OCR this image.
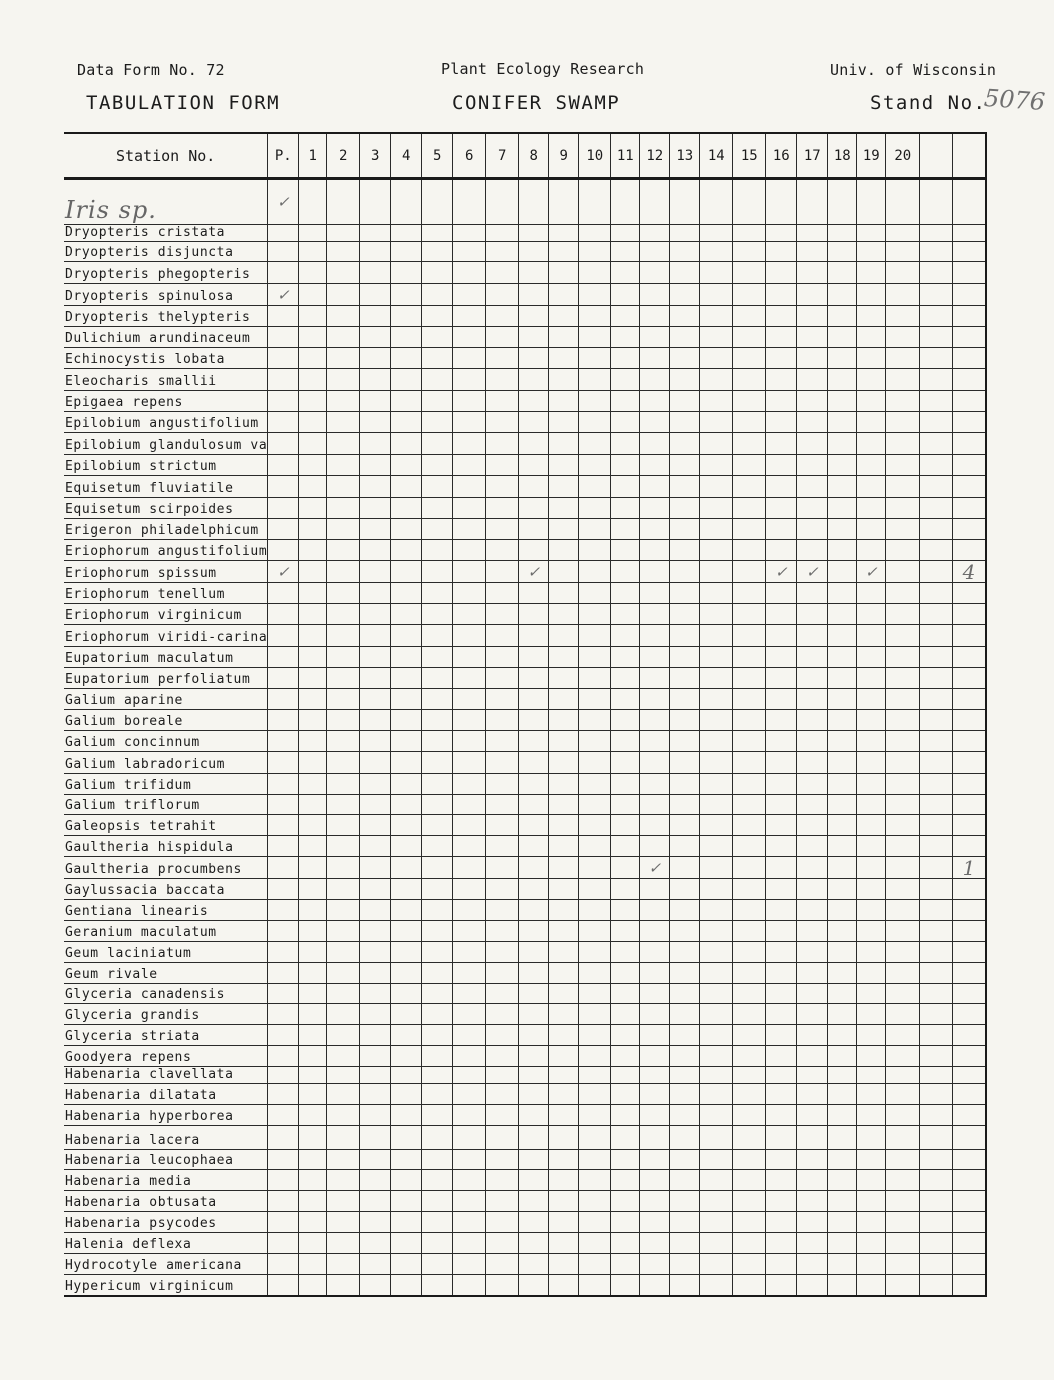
Data Form No. 72	Plant Ecology Research	Univ. of Wisconsin
TABULATION FORM	CONIFER SWAMP	Stand No.
5076
Station No.	P.	1	2	3	4	5	6	7	8	9	10	11	12	13	14	15	16	17	18	19	20		
Iris sp.	✓																						
Dryopteris cristata																							
Dryopteris disjuncta																							
Dryopteris phegopteris																							
Dryopteris spinulosa	✓																						
Dryopteris thelypteris																							
Dulichium arundinaceum																							
Echinocystis lobata																							
Eleocharis smallii																							
Epigaea repens																							
Epilobium angustifolium																							
Epilobium glandulosum va																							
Epilobium strictum																							
Equisetum fluviatile																							
Equisetum scirpoides																							
Erigeron philadelphicum																							
Eriophorum angustifolium																							
Eriophorum spissum	✓								✓								✓	✓		✓			4
Eriophorum tenellum																							
Eriophorum virginicum																							
Eriophorum viridi-carina																							
Eupatorium maculatum																							
Eupatorium perfoliatum																							
Galium aparine																							
Galium boreale																							
Galium concinnum																							
Galium labradoricum																							
Galium trifidum																							
Galium triflorum																							
Galeopsis tetrahit																							
Gaultheria hispidula																							
Gaultheria procumbens													✓										1
Gaylussacia baccata																							
Gentiana linearis																							
Geranium maculatum																							
Geum laciniatum																							
Geum rivale																							
Glyceria canadensis																							
Glyceria grandis																							
Glyceria striata																							
Goodyera repens																							
Habenaria clavellata																							
Habenaria dilatata																							
Habenaria hyperborea																							
Habenaria lacera																							
Habenaria leucophaea																							
Habenaria media																							
Habenaria obtusata																							
Habenaria psycodes																							
Halenia deflexa																							
Hydrocotyle americana																							
Hypericum virginicum																							
